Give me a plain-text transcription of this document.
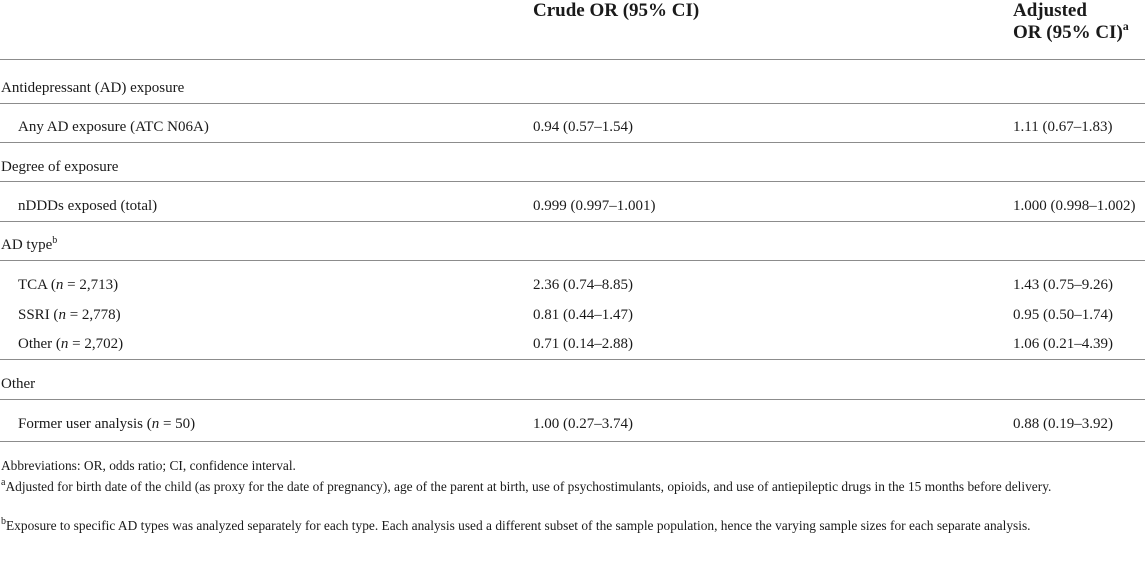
Crude OR (95% CI)	Adjusted
OR (95% CI)$^a$
Antidepressant (AD) exposure
Any AD exposure (ATC N06A)	0.94 (0.57–1.54)	1.11 (0.67–1.83)
Degree of exposure
nDDDs exposed (total)	0.999 (0.997–1.001)	1.000 (0.998–1.002)
AD type$^b$
TCA (n = 2,713)	2.36 (0.74–8.85)	1.43 (0.75–9.26)
SSRI (n = 2,778)	0.81 (0.44–1.47)	0.95 (0.50–1.74)
Other (n = 2,702)	0.71 (0.14–2.88)	1.06 (0.21–4.39)
Other
Former user analysis (n = 50)	1.00 (0.27–3.74)	0.88 (0.19–3.92)
Abbreviations: OR, odds ratio; CI, confidence interval.
$^a$Adjusted for birth date of the child (as proxy for the date of pregnancy), age of the parent at birth, use of psychostimulants, opioids, and use of antiepileptic drugs in the 15 months before delivery.
$^b$Exposure to specific AD types was analyzed separately for each type. Each analysis used a different subset of the sample population, hence the varying sample sizes for each separate analysis.
